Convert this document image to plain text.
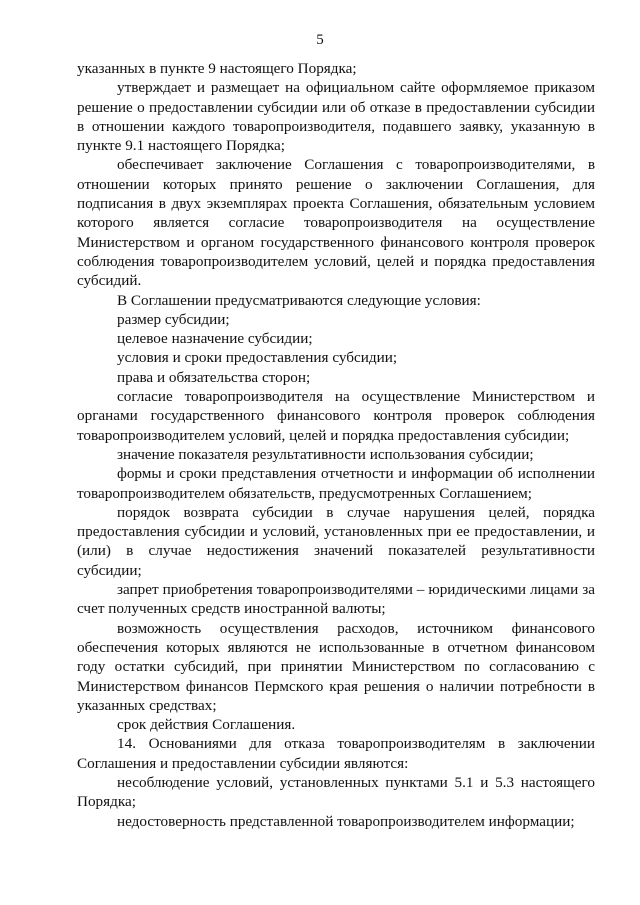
5

указанных в пункте 9 настоящего Порядка;

утверждает и размещает на официальном сайте оформляемое приказом решение о предоставлении субсидии или об отказе в предоставлении субсидии в отношении каждого товаропроизводителя, подавшего заявку, указанную в пункте 9.1 настоящего Порядка;

обеспечивает заключение Соглашения с товаропроизводителями, в отношении которых принято решение о заключении Соглашения, для подписания в двух экземплярах проекта Соглашения, обязательным условием которого является согласие товаропроизводителя на осуществление Министерством и органом государственного финансового контроля проверок соблюдения товаропроизводителем условий, целей и порядка предоставления субсидий.

В Соглашении предусматриваются следующие условия:

размер субсидии;

целевое назначение субсидии;

условия и сроки предоставления субсидии;

права и обязательства сторон;

согласие товаропроизводителя на осуществление Министерством и органами государственного финансового контроля проверок соблюдения товаропроизводителем условий, целей и порядка предоставления субсидии;

значение показателя результативности использования субсидии;

формы и сроки представления отчетности и информации об исполнении товаропроизводителем обязательств, предусмотренных Соглашением;

порядок возврата субсидии в случае нарушения целей, порядка предоставления субсидии и условий, установленных при ее предоставлении, и (или) в случае недостижения значений показателей результативности субсидии;

запрет приобретения товаропроизводителями – юридическими лицами за счет полученных средств иностранной валюты;

возможность осуществления расходов, источником финансового обеспечения которых являются не использованные в отчетном финансовом году остатки субсидий, при принятии Министерством по согласованию с Министерством финансов Пермского края решения о наличии потребности в указанных средствах;

срок действия Соглашения.

14. Основаниями для отказа товаропроизводителям в заключении Соглашения и предоставлении субсидии являются:

несоблюдение условий, установленных пунктами 5.1 и 5.3 настоящего Порядка;

недостоверность представленной товаропроизводителем информации;
